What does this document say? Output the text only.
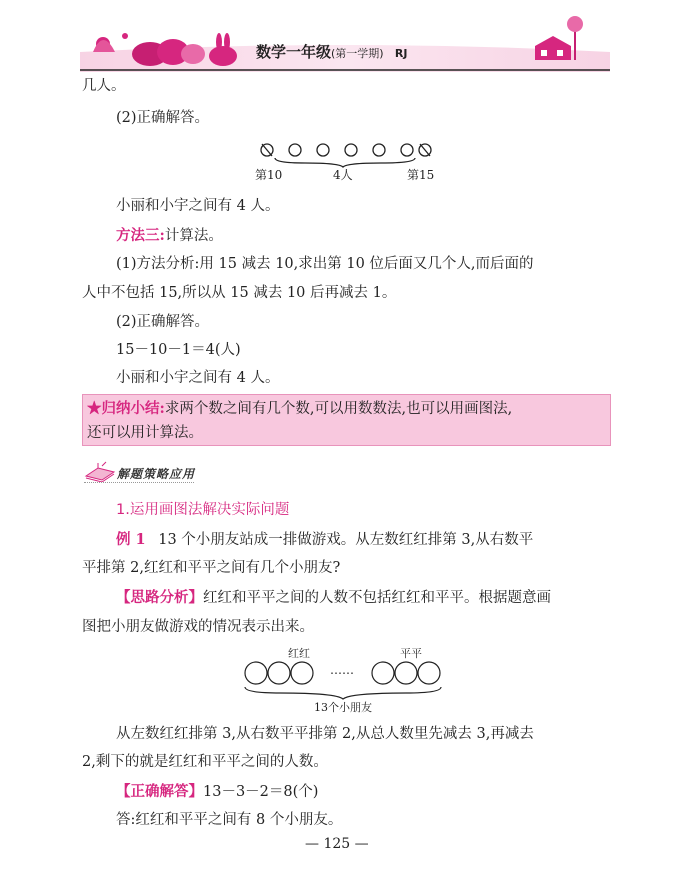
数学一年级(第一学期) RJ
几人。
(2)正确解答。
第10	4人	第15
小丽和小宇之间有 4 人。
方法三:计算法。
(1)方法分析:用 15 减去 10,求出第 10 位后面又几个人,而后面的
人中不包括 15,所以从 15 减去 10 后再减去 1。
(2)正确解答。
15－10－1＝4(人)
小丽和小宇之间有 4 人。
★归纳小结:求两个数之间有几个数,可以用数数法,也可以用画图法,
还可以用计算法。
解题策略应用
1.运用画图法解决实际问题
例 1 13 个小朋友站成一排做游戏。从左数红红排第 3,从右数平
平排第 2,红红和平平之间有几个小朋友?
【思路分析】红红和平平之间的人数不包括红红和平平。根据题意画
图把小朋友做游戏的情况表示出来。
红红	平平
……
13个小朋友
从左数红红排第 3,从右数平平排第 2,从总人数里先减去 3,再减去
2,剩下的就是红红和平平之间的人数。
【正确解答】13－3－2＝8(个)
答:红红和平平之间有 8 个小朋友。
— 125 —
